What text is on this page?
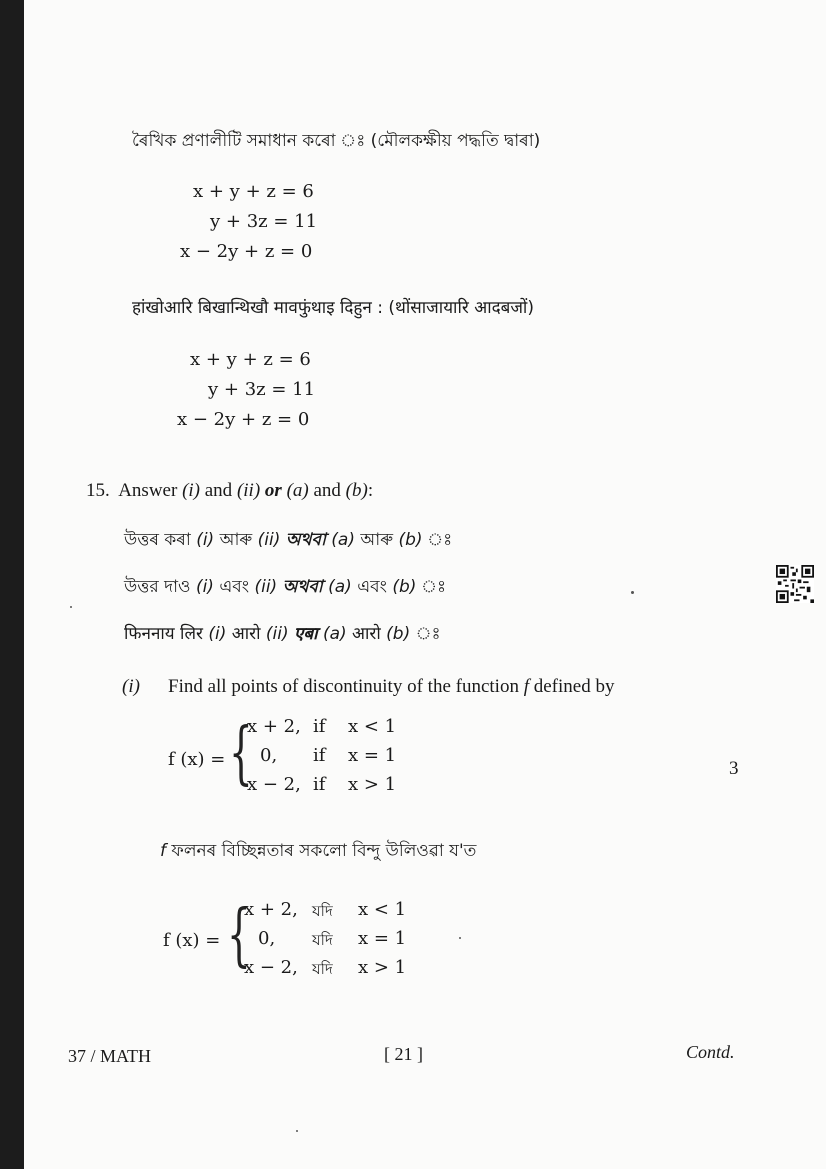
ৰৈখিক প্ৰণালীটি সমাধান কৰো ঃ (মৌলকক্ষীয় পদ্ধতি দ্বাৰা)
x + y + z = 6
y + 3z = 11
x − 2y + z = 0
हांखोआरि बिखान्थिखौ मावफुंथाइ दिहुन : (थोंसाजायारि आदबजों)
x + y + z = 6
y + 3z = 11
x − 2y + z = 0
15. Answer (i) and (ii) or (a) and (b):
উত্তৰ কৰা (i) আৰু (ii) অথবা (a) আৰু (b) ঃ
উত্তর দাও (i) এবং (ii) অথবা (a) এবং (b) ঃ
फिननाय लिर (i) आरो (ii) एबा (a) आरो (b) ঃ
(i) Find all points of discontinuity of the function f defined by
f (x) = {
x + 2, if x < 1
0, if x = 1
x − 2, if x > 1
3
f ফলনৰ বিচ্ছিন্নতাৰ সকলো বিন্দু উলিওৱা য'ত
f (x) = {
x + 2, যদি x < 1
0, যদি x = 1
x − 2, যদি x > 1
37 / MATH	[ 21 ]	Contd.
